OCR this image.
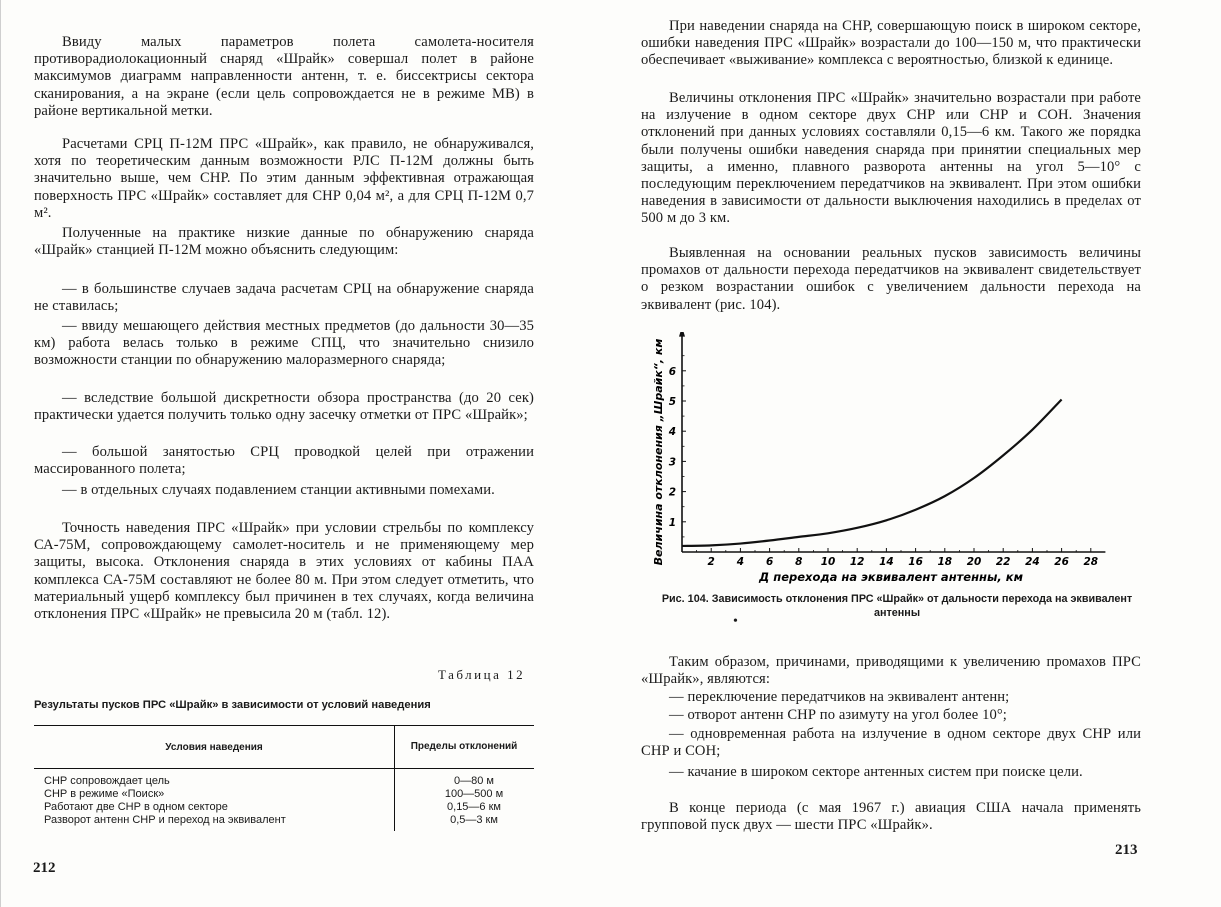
Ввиду малых параметров полета самолета-носителя противорадиолокационный снаряд «Шрайк» совершал полет в районе максимумов диаграмм направленности антенн, т. е. биссектрисы сектора сканирования, а на экране (если цель сопровождается не в режиме МВ) в районе вертикальной метки.

Расчетами СРЦ П-12М ПРС «Шрайк», как правило, не обнаруживался, хотя по теоретическим данным возможности РЛС П-12М должны быть значительно выше, чем СНР. По этим данным эффективная отражающая поверхность ПРС «Шрайк» составляет для СНР 0,04 м², а для СРЦ П-12М 0,7 м².

Полученные на практике низкие данные по обнаружению снаряда «Шрайк» станцией П-12М можно объяснить следующим:

— в большинстве случаев задача расчетам СРЦ на обнаружение снаряда не ставилась;

— ввиду мешающего действия местных предметов (до дальности 30—35 км) работа велась только в режиме СПЦ, что значительно снизило возможности станции по обнаружению малоразмерного снаряда;

— вследствие большой дискретности обзора пространства (до 20 сек) практически удается получить только одну засечку отметки от ПРС «Шрайк»;

— большой занятостью СРЦ проводкой целей при отражении массированного полета;

— в отдельных случаях подавлением станции активными помехами.

Точность наведения ПРС «Шрайк» при условии стрельбы по комплексу СА-75М, сопровождающему самолет-носитель и не применяющему мер защиты, высока. Отклонения снаряда в этих условиях от кабины ПАА комплекса СА-75М составляют не более 80 м. При этом следует отметить, что материальный ущерб комплексу был причинен в тех случаях, когда величина отклонения ПРС «Шрайк» не превысила 20 м (табл. 12).

Таблица 12
Результаты пусков ПРС «Шрайк» в зависимости от условий наведения
Условия наведения	Пределы отклонений
СНР сопровождает цель	0—80 м
СНР в режиме «Поиск»	100—500 м
Работают две СНР в одном секторе	0,15—6 км
Разворот антенн СНР и переход на эквивалент	0,5—3 км
212

При наведении снаряда на СНР, совершающую поиск в широком секторе, ошибки наведения ПРС «Шрайк» возрастали до 100—150 м, что практически обеспечивает «выживание» комплекса с вероятностью, близкой к единице.

Величины отклонения ПРС «Шрайк» значительно возрастали при работе на излучение в одном секторе двух СНР или СНР и СОН. Значения отклонений при данных условиях составляли 0,15—6 км. Такого же порядка были получены ошибки наведения снаряда при принятии специальных мер защиты, а именно, плавного разворота антенны на угол 5—10° с последующим переключением передатчиков на эквивалент. При этом ошибки наведения в зависимости от дальности выключения находились в пределах от 500 м до 3 км.

Выявленная на основании реальных пусков зависимость величины промахов от дальности перехода передатчиков на эквивалент свидетельствует о резком возрастании ошибок с увеличением дальности перехода на эквивалент (рис. 104).

213
2 4 6 8 10 12 14 16 18 20 22 24 26 28
1
2
3
4
5
6
Д перехода на эквивалент антенны, км
Величина отклонения „Шрайк“, км
Рис. 104. Зависимость отклонения ПРС «Шрайк» от дальности перехода на эквивалент антенны
•

Таким образом, причинами, приводящими к увеличению промахов ПРС «Шрайк», являются:

— переключение передатчиков на эквивалент антенн;

— отворот антенн СНР по азимуту на угол более 10°;

— одновременная работа на излучение в одном секторе двух СНР или СНР и СОН;

— качание в широком секторе антенных систем при поиске цели.

В конце периода (с мая 1967 г.) авиация США начала применять групповой пуск двух — шести ПРС «Шрайк».
